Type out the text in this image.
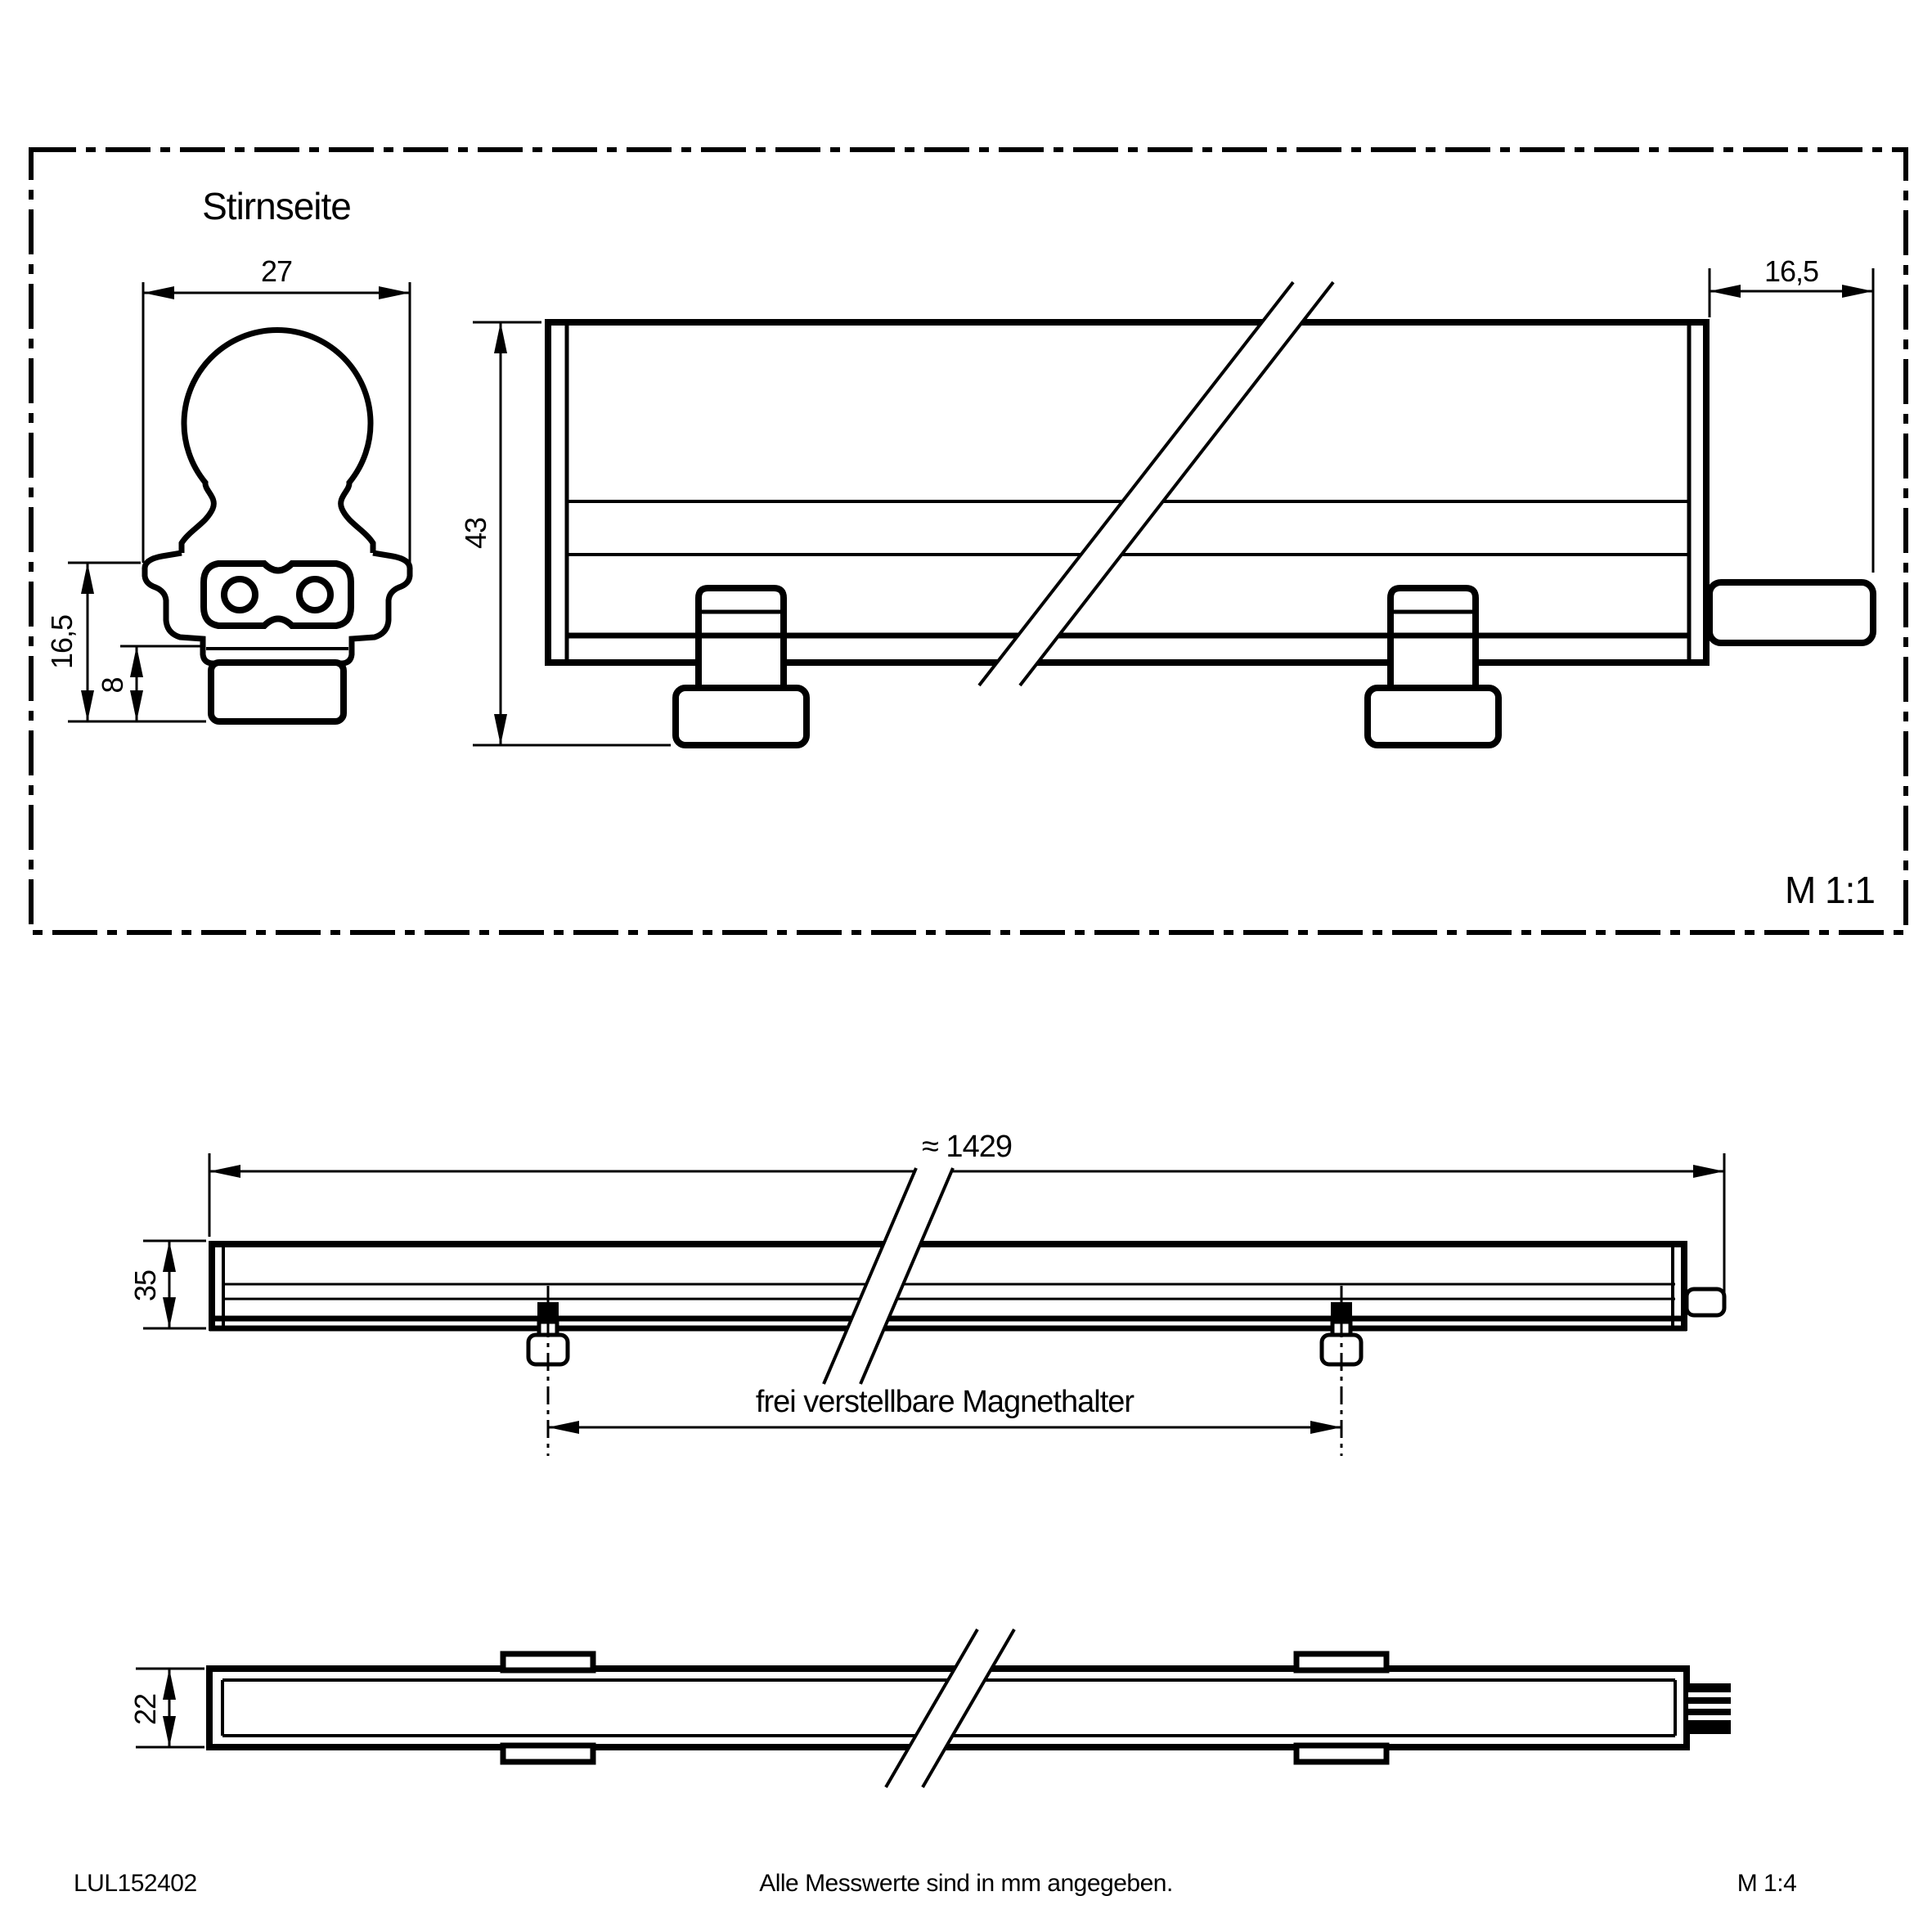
Stirnseite
M 1:1
27
16,5
8
43
16,5
≈ 1429
35
frei verstellbare Magnethalter
22
LUL152402	Alle Messwerte sind in mm angegeben.	M 1:4
